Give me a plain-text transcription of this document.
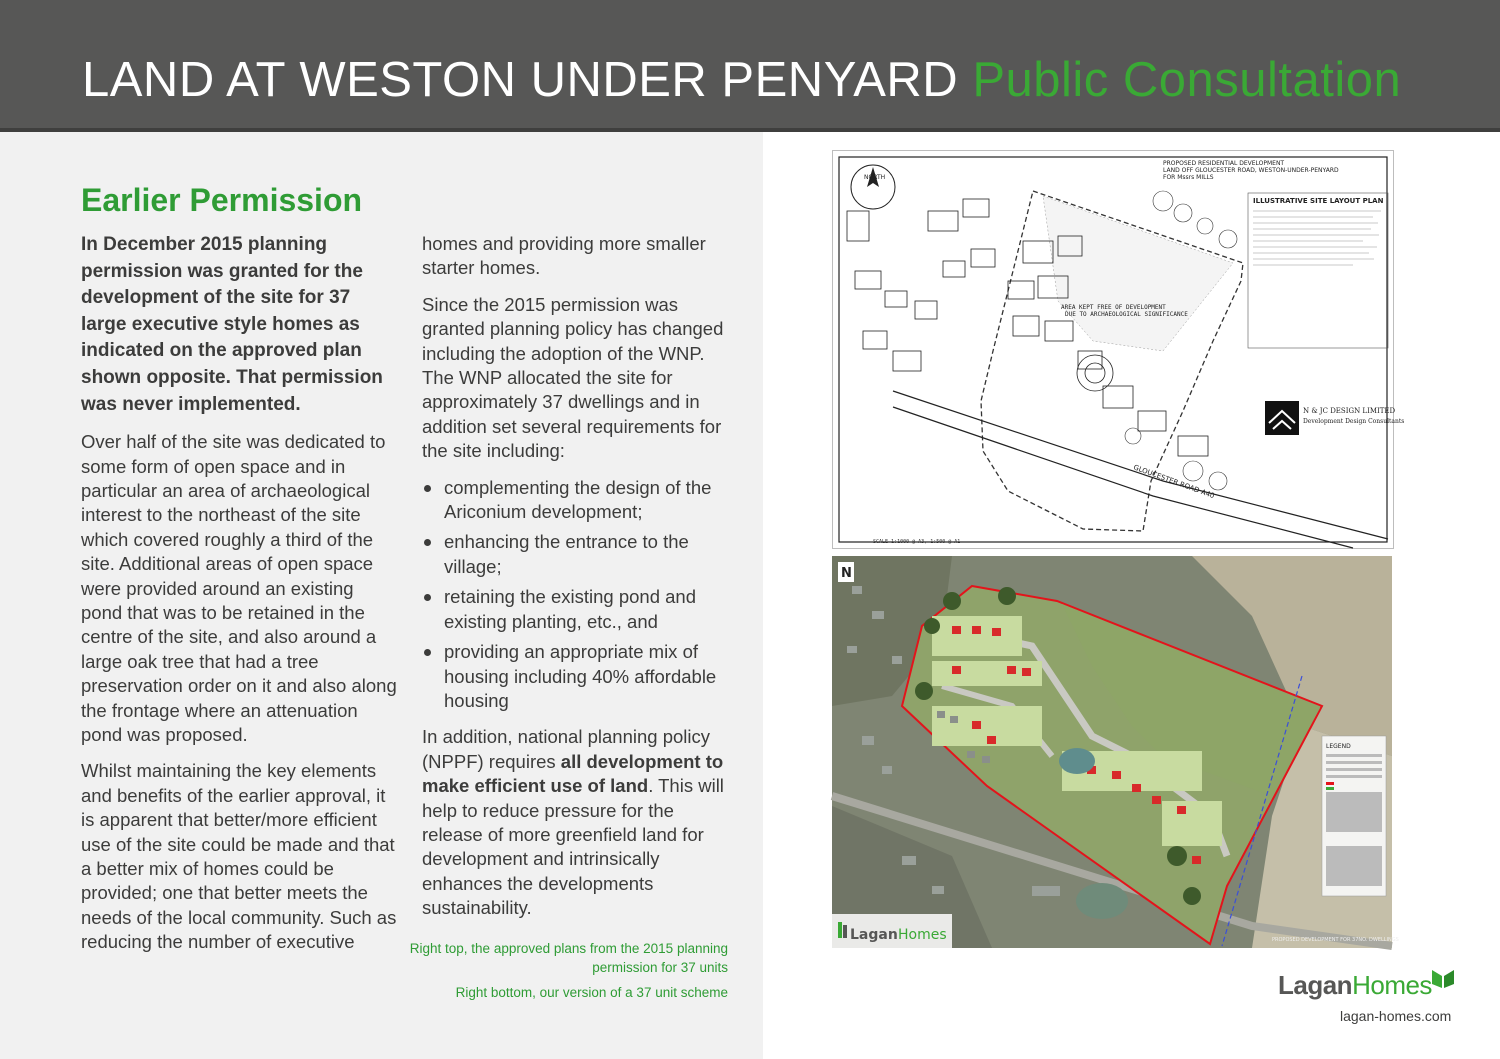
LAND AT WESTON UNDER PENYARD Public Consultation
Earlier Permission

In December 2015 planning permission was granted for the development of the site for 37 large executive style homes as indicated on the approved plan shown opposite. That permission was never implemented.

Over half of the site was dedicated to some form of open space and in particular an area of archaeological interest to the northeast of the site which covered roughly a third of the site. Additional areas of open space were provided around an existing pond that was to be retained in the centre of the site, and also around a large oak tree that had a tree preservation order on it and also along the frontage where an attenuation pond was proposed.

Whilst maintaining the key elements and benefits of the earlier approval, it is apparent that better/more efficient use of the site could be made and that a better mix of homes could be provided; one that better meets the needs of the local community. Such as reducing the number of executive

homes and providing more smaller starter homes.

Since the 2015 permission was granted planning policy has changed including the adoption of the WNP. The WNP allocated the site for approximately 37 dwellings and in addition set several requirements for the site including:

complementing the design of the Ariconium development;
enhancing the entrance to the village;
retaining the existing pond and existing planting, etc., and
providing an appropriate mix of housing including 40% affordable housing

In addition, national planning policy (NPPF) requires all development to make efficient use of land. This will help to reduce pressure for the release of more greenfield land for development and intrinsically enhances the developments sustainability.

Right top, the approved plans from the 2015 planning permission for 37 units

Right bottom, our version of a 37 unit scheme

NORTH
PROPOSED RESIDENTIAL DEVELOPMENT LAND OFF GLOUCESTER ROAD, WESTON-UNDER-PENYARD FOR Mssrs MILLS
ILLUSTRATIVE SITE LAYOUT PLAN
N & JC DESIGN LIMITED
Development Design Consultants
AREA KEPT FREE OF DEVELOPMENT DUE TO ARCHAEOLOGICAL SIGNIFICANCE
GLOUCESTER ROAD A40
SCALE 1:1000 @ A3, 1:500 @ A1
LEGEND
N
Lagan Homes	PROPOSED DEVELOPMENT FOR 37NO. DWELLINGS
LaganHomes

lagan-homes.com
